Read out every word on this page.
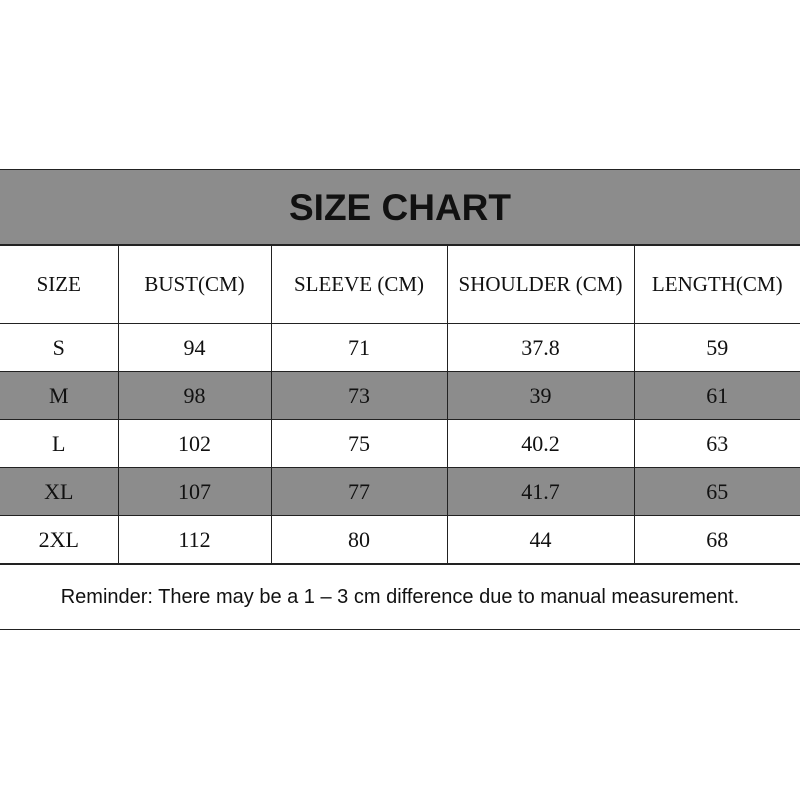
SIZE CHART
SIZE	BUST(CM)	SLEEVE (CM)	SHOULDER (CM)	LENGTH(CM)
S	94	71	37.8	59
M	98	73	39	61
L	102	75	40.2	63
XL	107	77	41.7	65
2XL	112	80	44	68
Reminder: There may be a 1 – 3 cm difference due to manual measurement.
